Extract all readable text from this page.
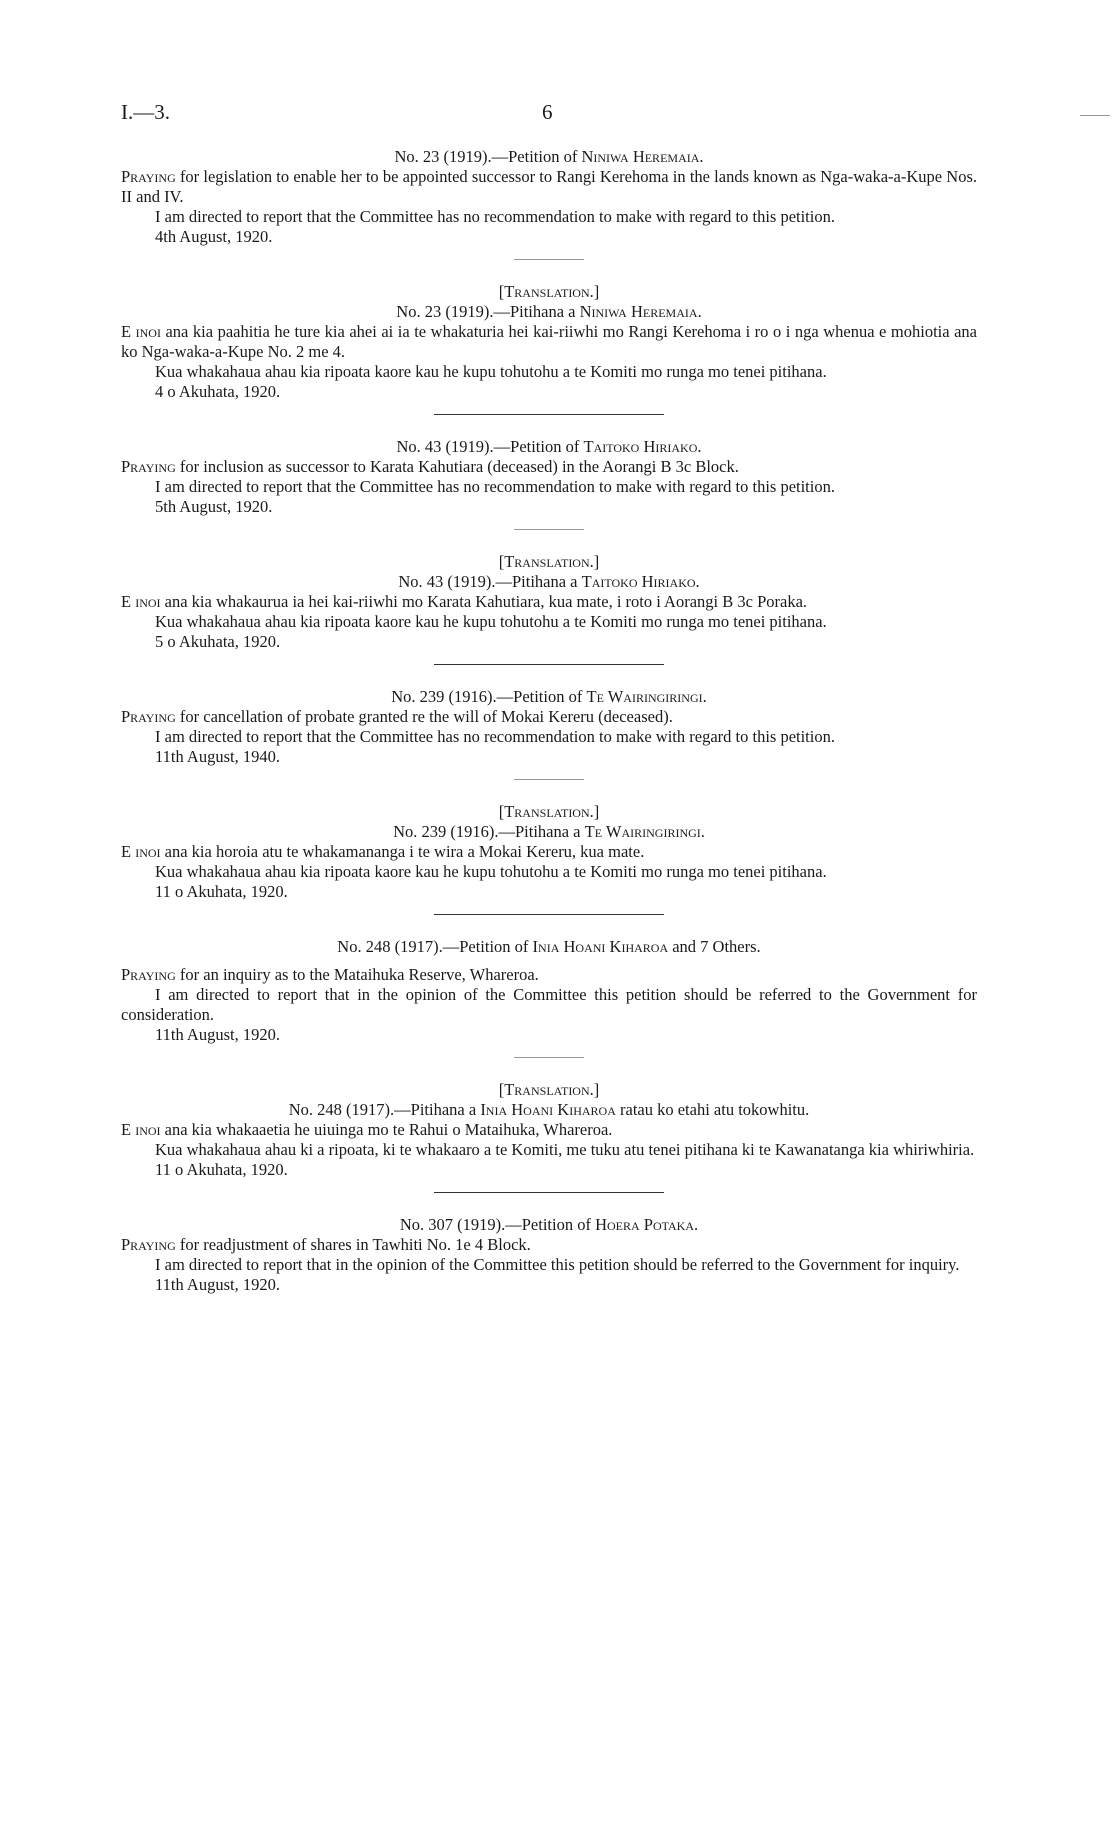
I.—3.	6
No. 23 (1919).—Petition of Niniwa Heremaia.

Praying for legislation to enable her to be appointed successor to Rangi Kerehoma in the lands known as Nga-waka-a-Kupe Nos. II and IV.

I am directed to report that the Committee has no recommendation to make with regard to this petition.

4th August, 1920.

[Translation.]
No. 23 (1919).—Pitihana a Niniwa Heremaia.

E inoi ana kia paahitia he ture kia ahei ai ia te whakaturia hei kai-riiwhi mo Rangi Kerehoma i ro o i nga whenua e mohiotia ana ko Nga-waka-a-Kupe No. 2 me 4.

Kua whakahaua ahau kia ripoata kaore kau he kupu tohutohu a te Komiti mo runga mo tenei pitihana.

4 o Akuhata, 1920.

No. 43 (1919).—Petition of Taitoko Hiriako.

Praying for inclusion as successor to Karata Kahutiara (deceased) in the Aorangi B 3c Block.

I am directed to report that the Committee has no recommendation to make with regard to this petition.

5th August, 1920.

[Translation.]
No. 43 (1919).—Pitihana a Taitoko Hiriako.

E inoi ana kia whakaurua ia hei kai-riiwhi mo Karata Kahutiara, kua mate, i roto i Aorangi B 3c Poraka.

Kua whakahaua ahau kia ripoata kaore kau he kupu tohutohu a te Komiti mo runga mo tenei pitihana.

5 o Akuhata, 1920.

No. 239 (1916).—Petition of Te Wairingiringi.

Praying for cancellation of probate granted re the will of Mokai Kereru (deceased).

I am directed to report that the Committee has no recommendation to make with regard to this petition.

11th August, 1940.

[Translation.]
No. 239 (1916).—Pitihana a Te Wairingiringi.

E inoi ana kia horoia atu te whakamananga i te wira a Mokai Kereru, kua mate.

Kua whakahaua ahau kia ripoata kaore kau he kupu tohutohu a te Komiti mo runga mo tenei pitihana.

11 o Akuhata, 1920.

No. 248 (1917).—Petition of Inia Hoani Kiharoa and 7 Others.

Praying for an inquiry as to the Mataihuka Reserve, Wharerоa.

I am directed to report that in the opinion of the Committee this petition should be referred to the Government for consideration.

11th August, 1920.

[Translation.]
No. 248 (1917).—Pitihana a Inia Hoani Kiharoa ratau ko etahi atu tokowhitu.

E inoi ana kia whakaaetia he uiuinga mo te Rahui o Mataihuka, Wharerоa.

Kua whakahaua ahau ki a ripoata, ki te whakaaro a te Komiti, me tuku atu tenei pitihana ki te Kawanatanga kia whiriwhiria.

11 o Akuhata, 1920.

No. 307 (1919).—Petition of Hoera Potaka.

Praying for readjustment of shares in Tawhiti No. 1e 4 Block.

I am directed to report that in the opinion of the Committee this petition should be referred to the Government for inquiry.

11th August, 1920.
